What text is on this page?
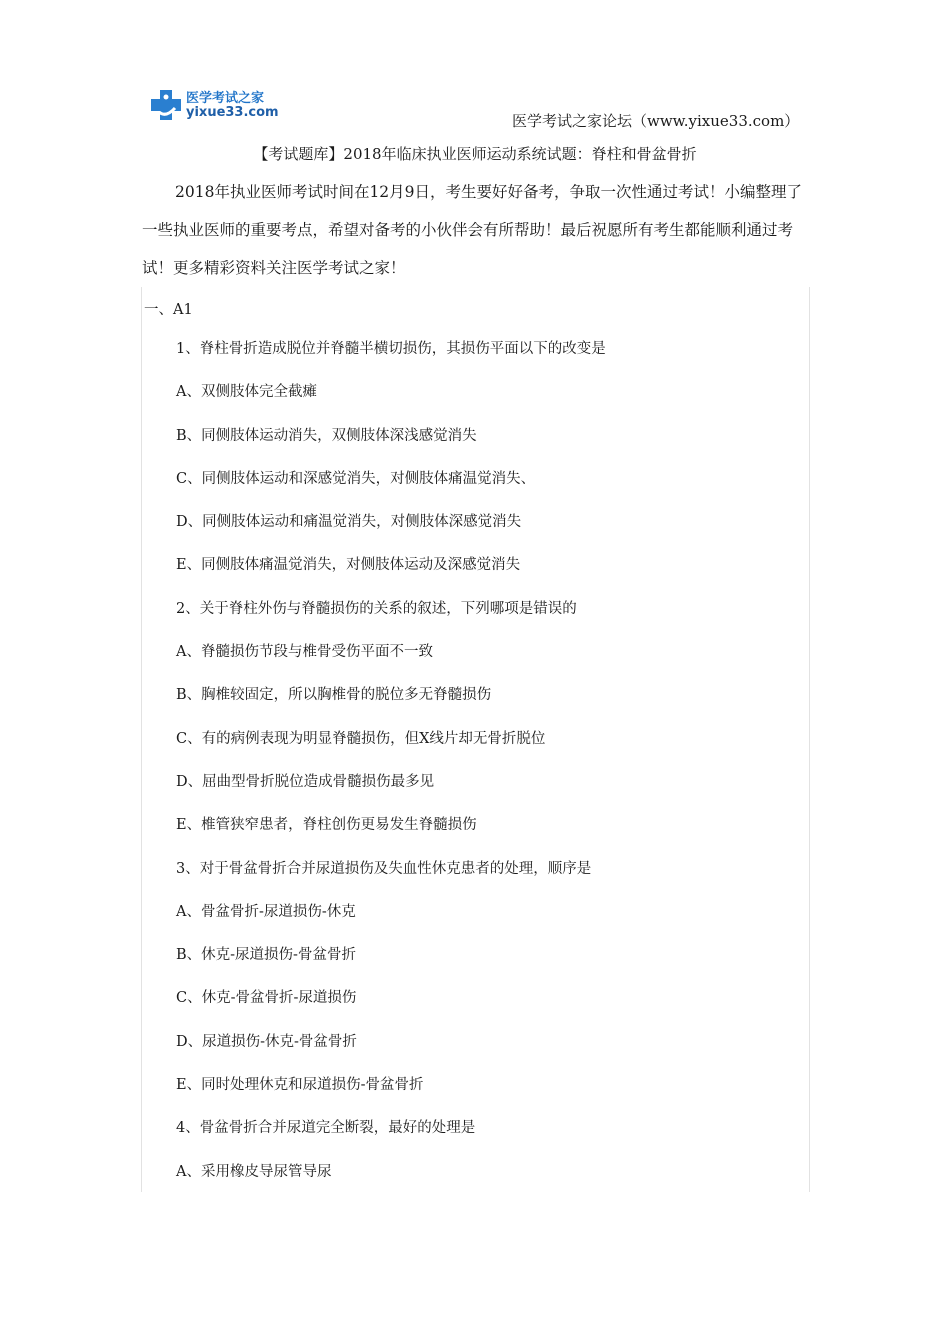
医学考试之家
yixue33.com	医学考试之家论坛（www.yixue33.com）
【考试题库】2018年临床执业医师运动系统试题：脊柱和骨盆骨折

2018年执业医师考试时间在12月9日，考生要好好备考，争取一次性通过考试！小编整理了一些执业医师的重要考点，希望对备考的小伙伴会有所帮助！最后祝愿所有考生都能顺利通过考试！更多精彩资料关注医学考试之家！

一、A1
1、脊柱骨折造成脱位并脊髓半横切损伤，其损伤平面以下的改变是
A、双侧肢体完全截瘫
B、同侧肢体运动消失，双侧肢体深浅感觉消失
C、同侧肢体运动和深感觉消失，对侧肢体痛温觉消失、
D、同侧肢体运动和痛温觉消失，对侧肢体深感觉消失
E、同侧肢体痛温觉消失，对侧肢体运动及深感觉消失
2、关于脊柱外伤与脊髓损伤的关系的叙述，下列哪项是错误的
A、脊髓损伤节段与椎骨受伤平面不一致
B、胸椎较固定，所以胸椎骨的脱位多无脊髓损伤
C、有的病例表现为明显脊髓损伤，但X线片却无骨折脱位
D、屈曲型骨折脱位造成骨髓损伤最多见
E、椎管狭窄患者，脊柱创伤更易发生脊髓损伤
3、对于骨盆骨折合并尿道损伤及失血性休克患者的处理，顺序是
A、骨盆骨折-尿道损伤-休克
B、休克-尿道损伤-骨盆骨折
C、休克-骨盆骨折-尿道损伤
D、尿道损伤-休克-骨盆骨折
E、同时处理休克和尿道损伤-骨盆骨折
4、骨盆骨折合并尿道完全断裂，最好的处理是
A、采用橡皮导尿管导尿
